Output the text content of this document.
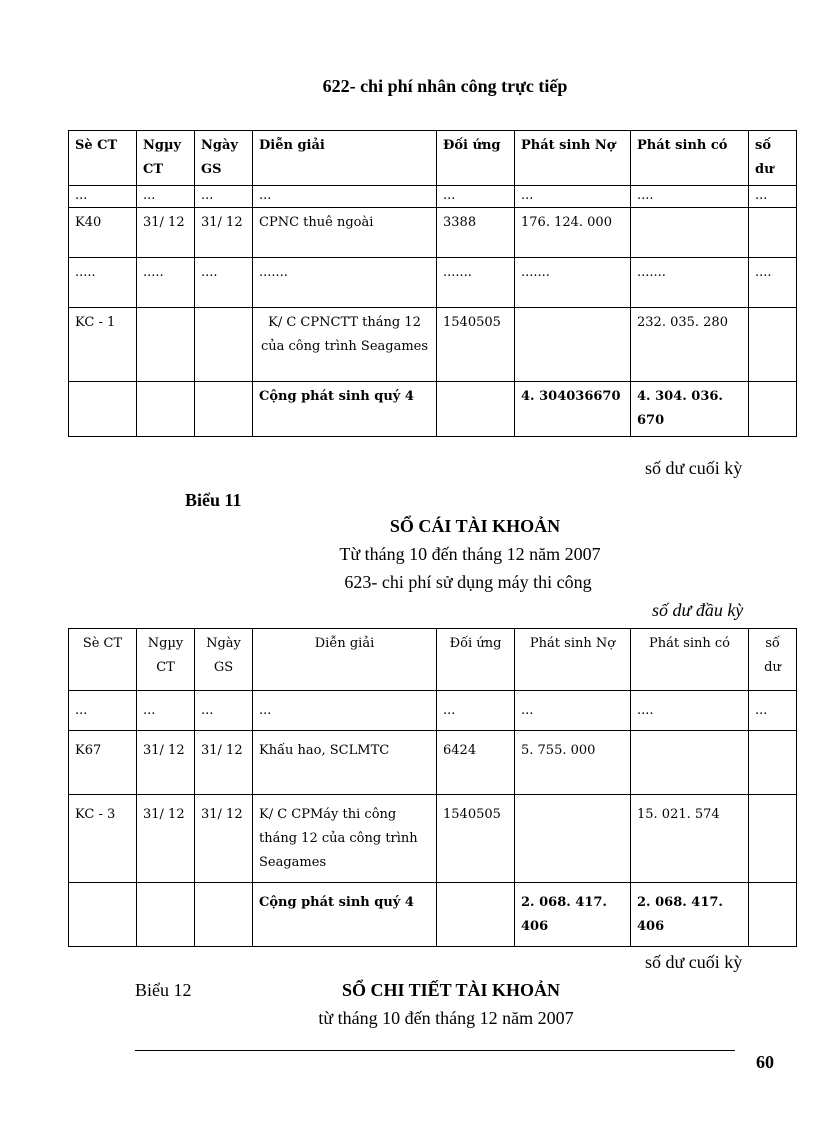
622- chi phí nhân công trực tiếp
Sè CT	Ngµy CT	Ngày GS	Diễn giải	Đối ứng	Phát sinh Nợ	Phát sinh có	số dư
...	...	...	...	...	...	....	...
K40	31/ 12	31/ 12	CPNC thuê ngoài	3388	176. 124. 000		
.....	.....	....	.......	.......	.......	.......	....
KC - 1			K/ C CPNCTT tháng 12 của công trình Seagames	1540505		232. 035. 280	
			Cộng phát sinh quý 4		4. 304036670	4. 304. 036. 670	
số dư cuối kỳ
Biểu 11
SỔ CÁI TÀI KHOẢN
Từ tháng 10 đến tháng 12 năm 2007
623- chi phí sử dụng máy thi công
số dư đầu kỳ
Sè CT	Ngµy CT	Ngày GS	Diễn giải	Đối ứng	Phát sinh Nợ	Phát sinh có	số dư
...	...	...	...	...	...	....	...
K67	31/ 12	31/ 12	Khấu hao, SCLMTC	6424	5. 755. 000		
KC - 3	31/ 12	31/ 12	K/ C CPMáy thi công tháng 12 của công trình Seagames	1540505		15. 021. 574	
			Cộng phát sinh quý 4		2. 068. 417. 406	2. 068. 417. 406	
số dư cuối kỳ
Biểu 12	SỔ CHI TIẾT TÀI KHOẢN
từ tháng 10 đến tháng 12 năm 2007
60
